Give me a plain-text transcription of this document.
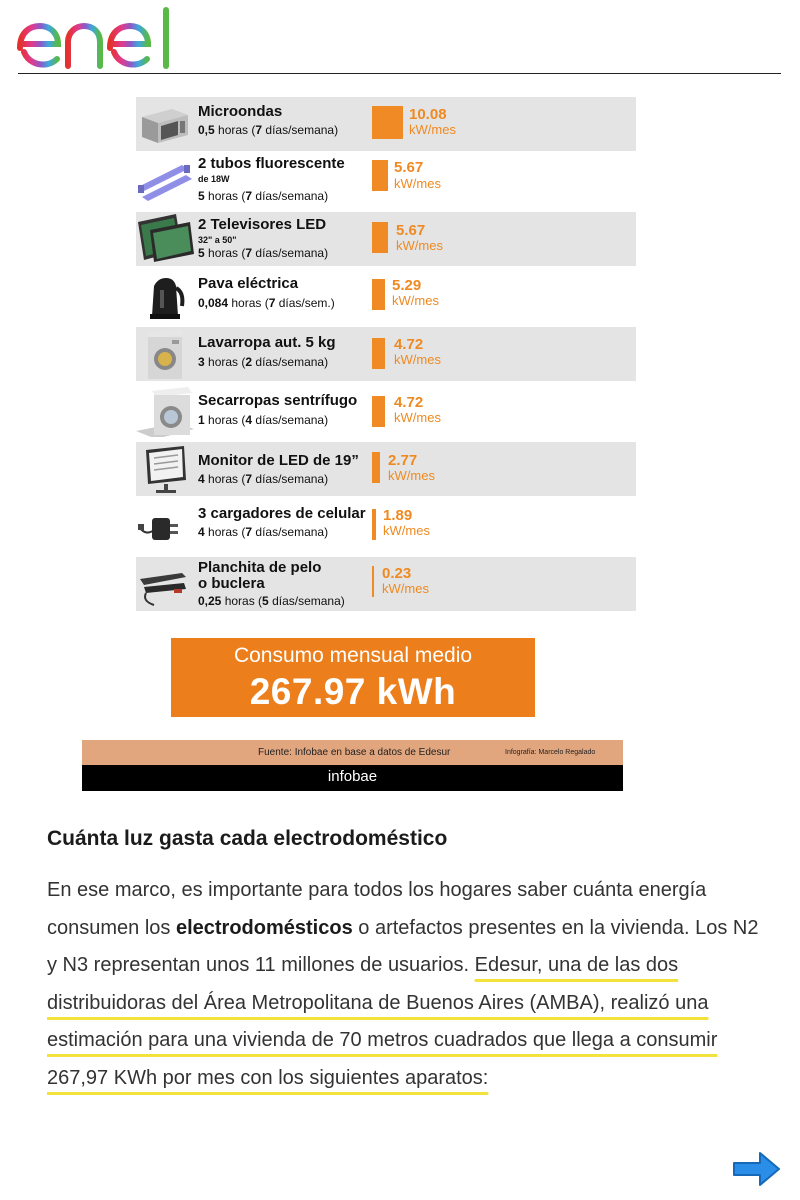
Microondas
0,5 horas (7 días/semana)
10.08
kW/mes
2 tubos fluorescente
de 18W
5 horas (7 días/semana)
5.67
kW/mes
2 Televisores LED
32" a 50"
5 horas (7 días/semana)
5.67
kW/mes
Pava eléctrica
0,084 horas (7 días/sem.)
5.29
kW/mes
Lavarropa aut. 5 kg
3 horas (2 días/semana)
4.72
kW/mes
Secarropas sentrífugo
1 horas (4 días/semana)
4.72
kW/mes
Monitor de LED de 19”
4 horas (7 días/semana)
2.77
kW/mes
3 cargadores de celular
4 horas (7 días/semana)
1.89
kW/mes
Planchita de pelo
o buclera
0,25 horas (5 días/semana)
0.23
kW/mes
Consumo mensual medio
267.97 kWh
Fuente: Infobae en base a datos de Edesur	Infografía: Marcelo Regalado
infobae
Cuánta luz gasta cada electrodoméstico
En ese marco, es importante para todos los hogares saber cuánta energía consumen los electrodomésticos o artefactos presentes en la vivienda. Los N2 y N3 representan unos 11 millones de usuarios. Edesur, una de las dos distribuidoras del Área Metropolitana de Buenos Aires (AMBA), realizó una estimación para una vivienda de 70 metros cuadrados que llega a consumir 267,97 KWh por mes con los siguientes aparatos:
